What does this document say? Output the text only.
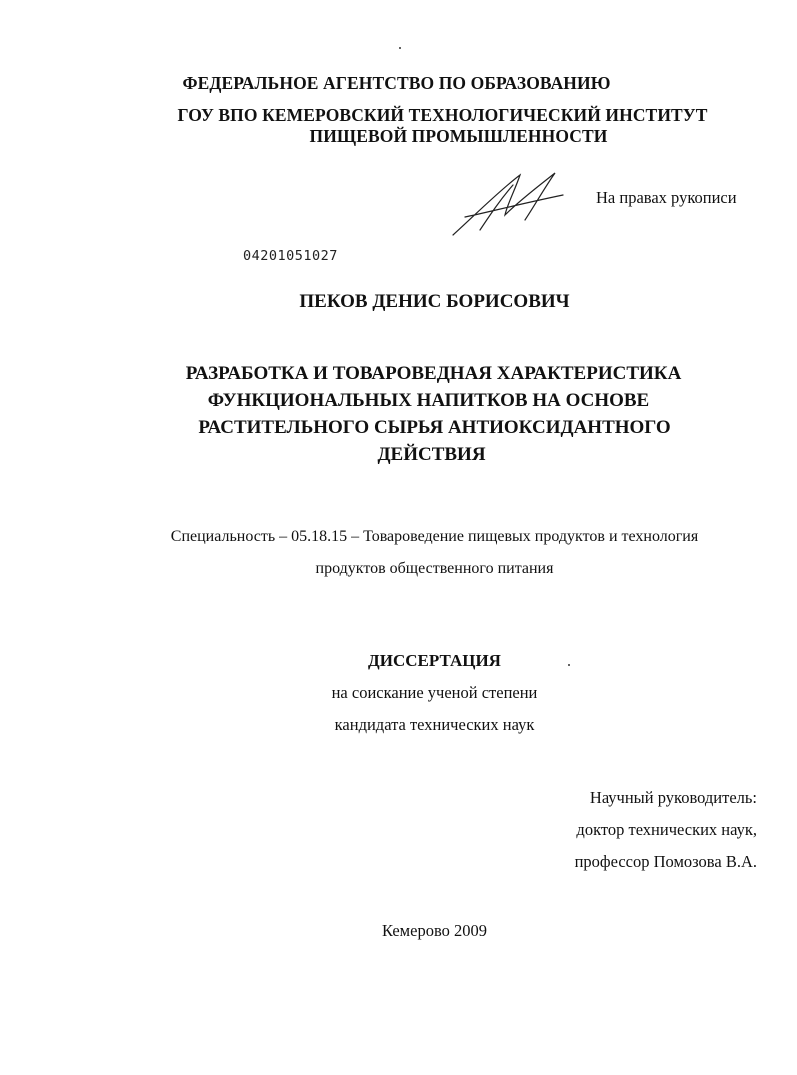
ФЕДЕРАЛЬНОЕ АГЕНТСТВО ПО ОБРАЗОВАНИЮ
ГОУ ВПО КЕМЕРОВСКИЙ ТЕХНОЛОГИЧЕСКИЙ ИНСТИТУТ
ПИЩЕВОЙ ПРОМЫШЛЕННОСТИ
На правах рукописи
04201051027
ПЕКОВ ДЕНИС БОРИСОВИЧ
РАЗРАБОТКА И ТОВАРОВЕДНАЯ ХАРАКТЕРИСТИКА
ФУНКЦИОНАЛЬНЫХ НАПИТКОВ НА ОСНОВЕ
РАСТИТЕЛЬНОГО СЫРЬЯ АНТИОКСИДАНТНОГО
ДЕЙСТВИЯ
Специальность – 05.18.15 – Товароведение пищевых продуктов и технология
продуктов общественного питания
ДИССЕРТАЦИЯ
на соискание ученой степени
кандидата технических наук
Научный руководитель:
доктор технических наук,
профессор Помозова В.А.
Кемерово 2009
